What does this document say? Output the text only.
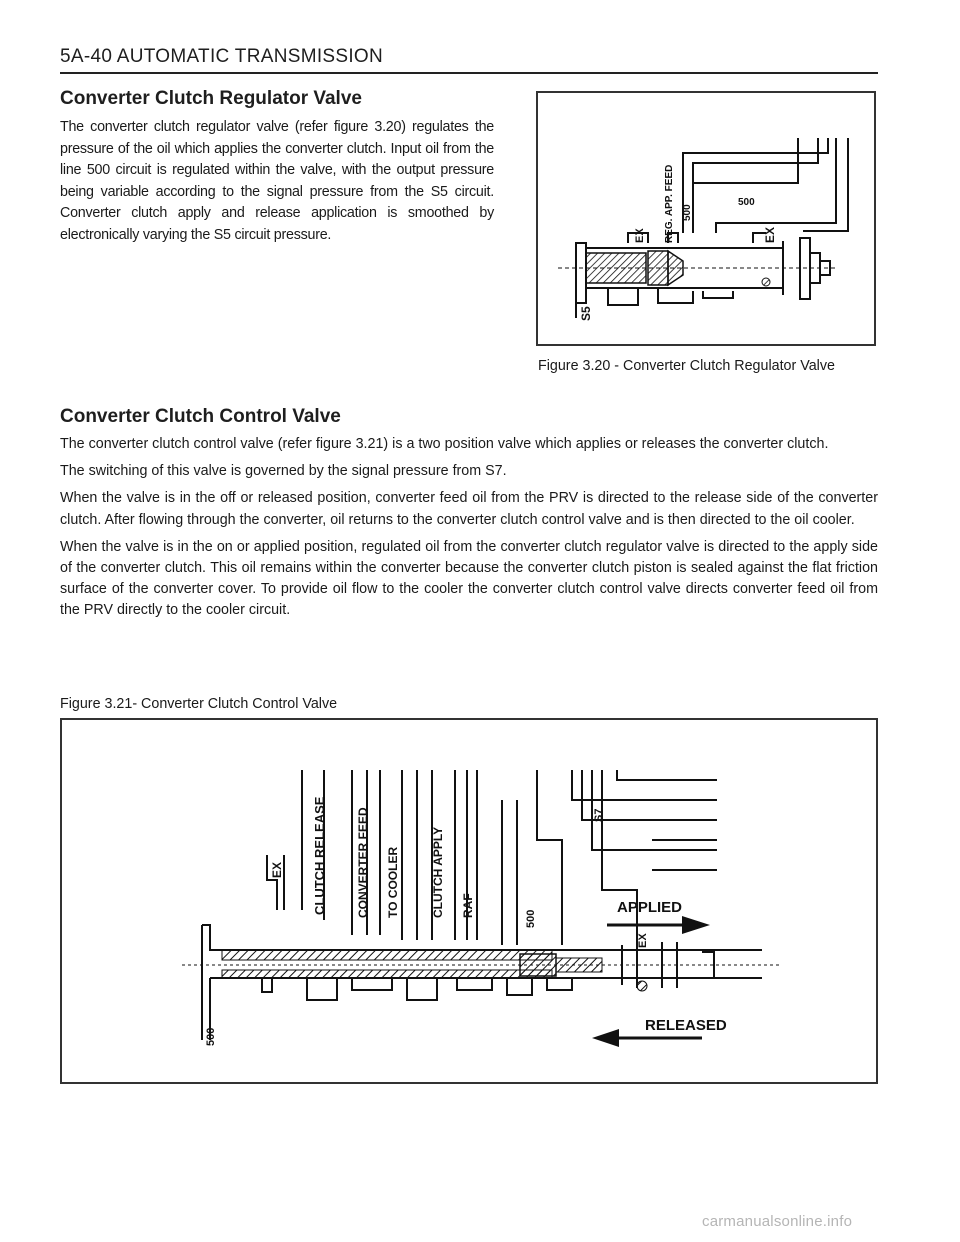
5A-40 AUTOMATIC TRANSMISSION
Converter Clutch Regulator Valve

The converter clutch regulator valve (refer figure 3.20) regulates the pressure of the oil which applies the converter clutch. Input oil from the line 500 circuit is regulated within the valve, with the output pressure being variable according to the signal pressure from the S5 circuit. Converter clutch apply and release application is smoothed by electronically varying the S5 circuit pressure.	EX REG. APP. FEED 500
500
EX
S5
Figure 3.20 - Converter Clutch Regulator Valve
Converter Clutch Control Valve

The converter clutch control valve (refer figure 3.21) is a two position valve which applies or releases the converter clutch.

The switching of this valve is governed by the signal pressure from S7.

When the valve is in the off or released position, converter feed oil from the PRV is directed to the release side of the converter clutch. After flowing through the converter, oil returns to the converter clutch control valve and is then directed to the oil cooler.

When the valve is in the on or applied position, regulated oil from the converter clutch regulator valve is directed to the apply side of the converter clutch. This oil remains within the converter because the converter clutch piston is sealed against the flat friction surface of the converter cover. To provide oil flow to the cooler the converter clutch control valve directs converter feed oil from the PRV directly to the cooler circuit.

Figure 3.21- Converter Clutch Control Valve
EX CLUTCH RELEASE CONVERTER FEED TO COOLER	CLUTCH APPLY RAF
500
S7
EX
APPLIED
RELEASED
500
carmanualsonline.info
